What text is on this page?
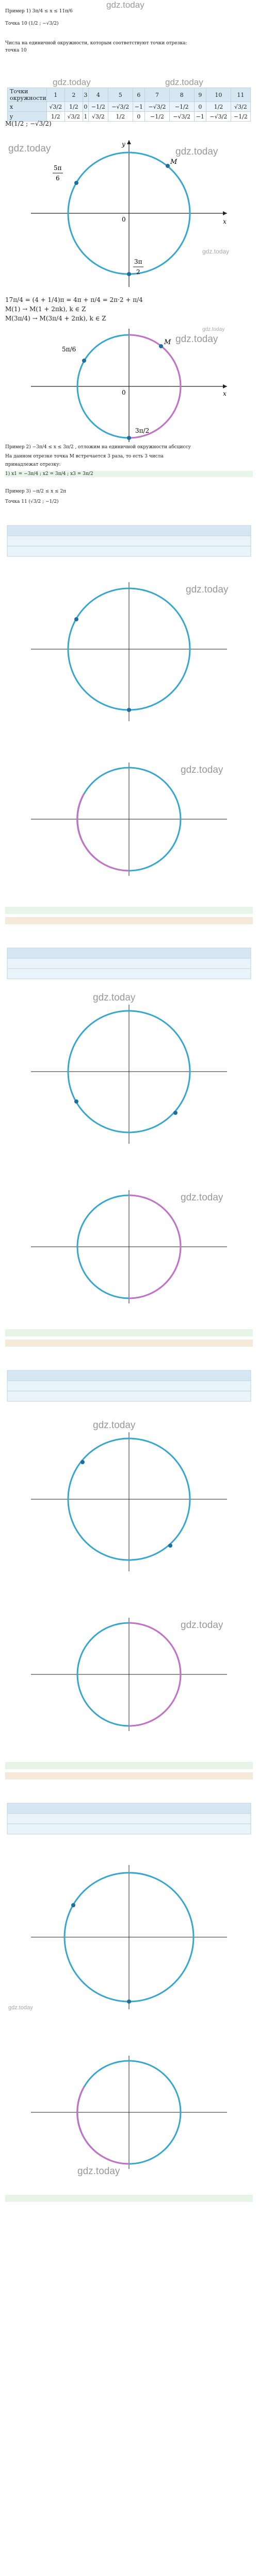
gdz.today
Пример 1) 3π/4 ≤ x ≤ 11π/6
Точка 10 (1/2 ; −√3/2)
Числа на единичной окружности, которым соответствуют точки отрезка:
точка 10
gdz.today	gdz.today
Точки окружности	1	2	3	4	5	6	7	8	9	10	11
x	√3/2	1/2	0	−1/2	−√3/2	−1	−√3/2	−1/2	0	1/2	√3/2
y	1/2	√3/2	1	√3/2	1/2	0	−1/2	−√3/2	−1	−√3/2	−1/2
M(1/2 ; −√3/2)
M
5π
6
3π
2
0	x
y
gdz.today	gdz.today
gdz.today
17π/4 = (4 + 1/4)π = 4π + π/4 = 2π·2 + π/4
M(1) → M(1 + 2πk), k ∈ Z
M(3π/4) → M(3π/4 + 2πk), k ∈ Z
M
5π/6
3π/2
0	x
gdz.today
gdz.today
Пример 2) −3π/4 ≤ x ≤ 3π/2 , отложим на единичной окружности абсциссу
На данном отрезке точка M встречается 3 раза, то есть 3 числа
принадлежат отрезку:
1) x1 = −3π/4 ; x2 = 3π/4 ; x3 = 3π/2
Пример 3) −π/2 ≤ x ≤ 2π
Точка 11 (√3/2 ; −1/2)
gdz.today
gdz.today
gdz.today
gdz.today
gdz.today
gdz.today
gdz.today
gdz.today
